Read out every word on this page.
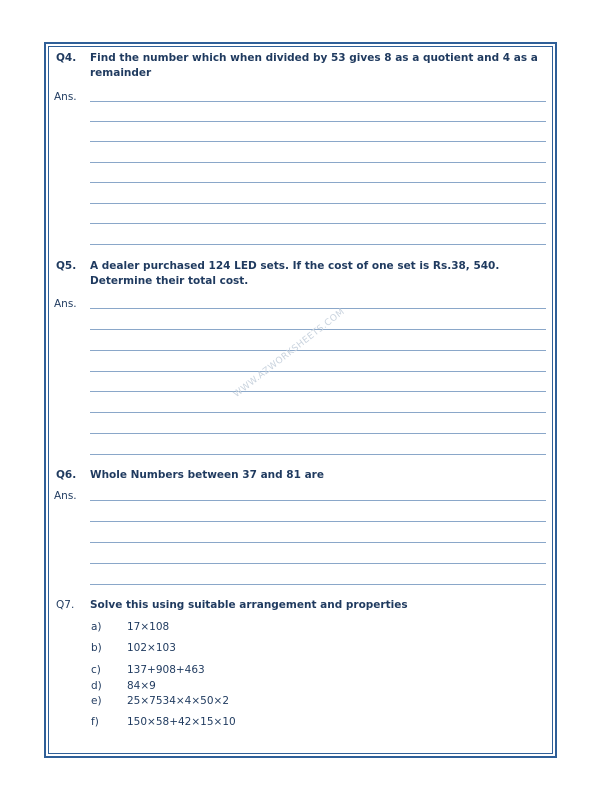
Q4. Find the number which when divided by 53 gives 8 as a quotient and 4 as a
remainder
Ans.
Q5. A dealer purchased 124 LED sets. If the cost of one set is Rs.38, 540.
Determine their total cost.
Ans.
Q6. Whole Numbers between 37 and 81 are
Ans.
Q7. Solve this using suitable arrangement and properties
a) 17×108
b) 102×103
c) 137+908+463
d) 84×9
e) 25×7534×4×50×2
f)	150×58+42×15×10
WWW.AZWORKSHEETS.COM
